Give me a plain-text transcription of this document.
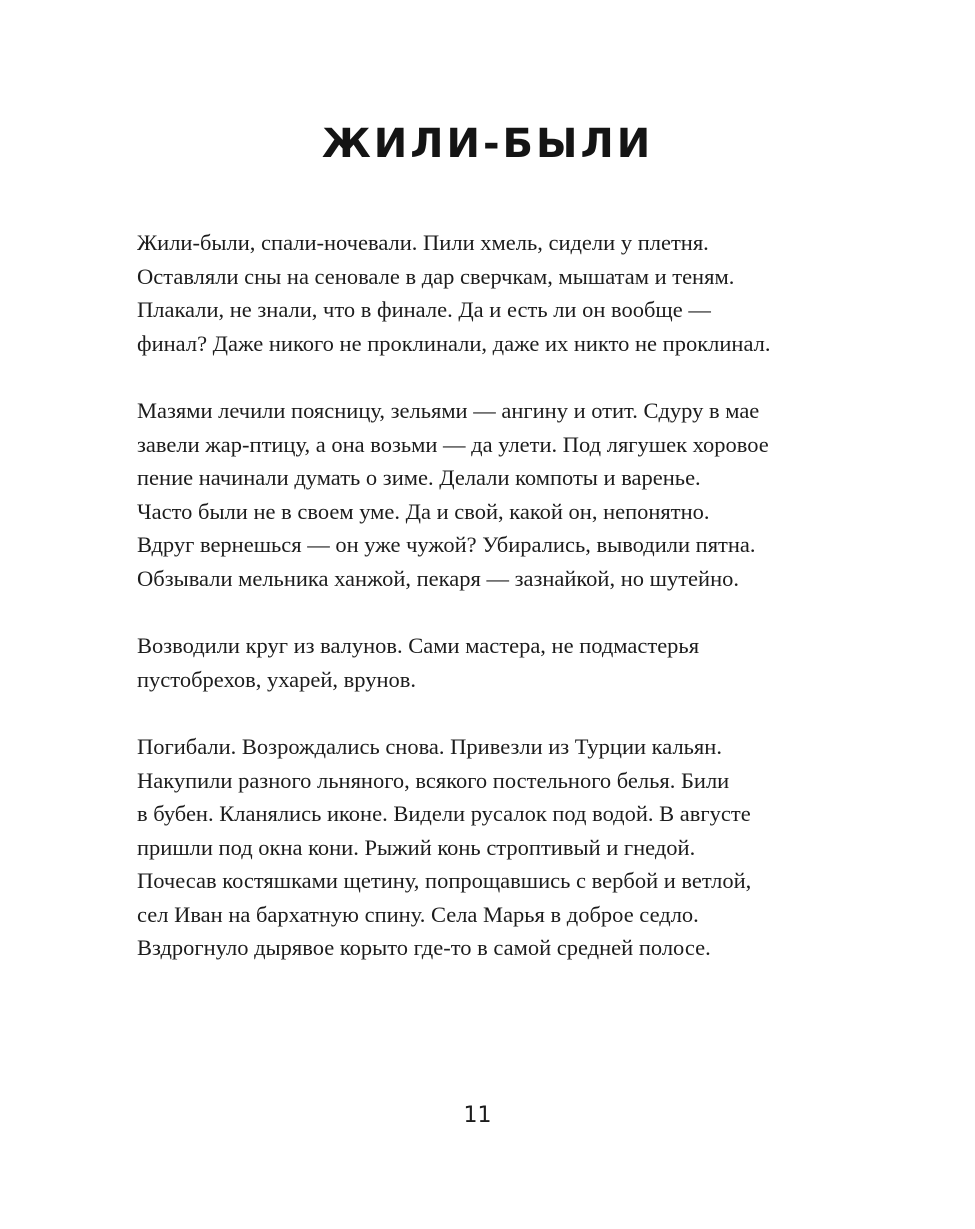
ЖИЛИ-БЫЛИ
Жили-были, спали-ночевали. Пили хмель, сидели у плетня.
Оставляли сны на сеновале в дар сверчкам, мышатам и теням.
Плакали, не знали, что в финале. Да и есть ли он вообще —
финал? Даже никого не проклинали, даже их никто не проклинал.
Мазями лечили поясницу, зельями — ангину и отит. Сдуру в мае
завели жар-птицу, а она возьми — да улети. Под лягушек хоровое
пение начинали думать о зиме. Делали компоты и варенье.
Часто были не в своем уме. Да и свой, какой он, непонятно.
Вдруг вернешься — он уже чужой? Убирались, выводили пятна.
Обзывали мельника ханжой, пекаря — зазнайкой, но шутейно.
Возводили круг из валунов. Сами мастера, не подмастерья
пустобрехов, ухарей, врунов.
Погибали. Возрождались снова. Привезли из Турции кальян.
Накупили разного льняного, всякого постельного белья. Били
в бубен. Кланялись иконе. Видели русалок под водой. В августе
пришли под окна кони. Рыжий конь строптивый и гнедой.
Почесав костяшками щетину, попрощавшись с вербой и ветлой,
сел Иван на бархатную спину. Села Марья в доброе седло.
Вздрогнуло дырявое корыто где-то в самой средней полосе.
11
